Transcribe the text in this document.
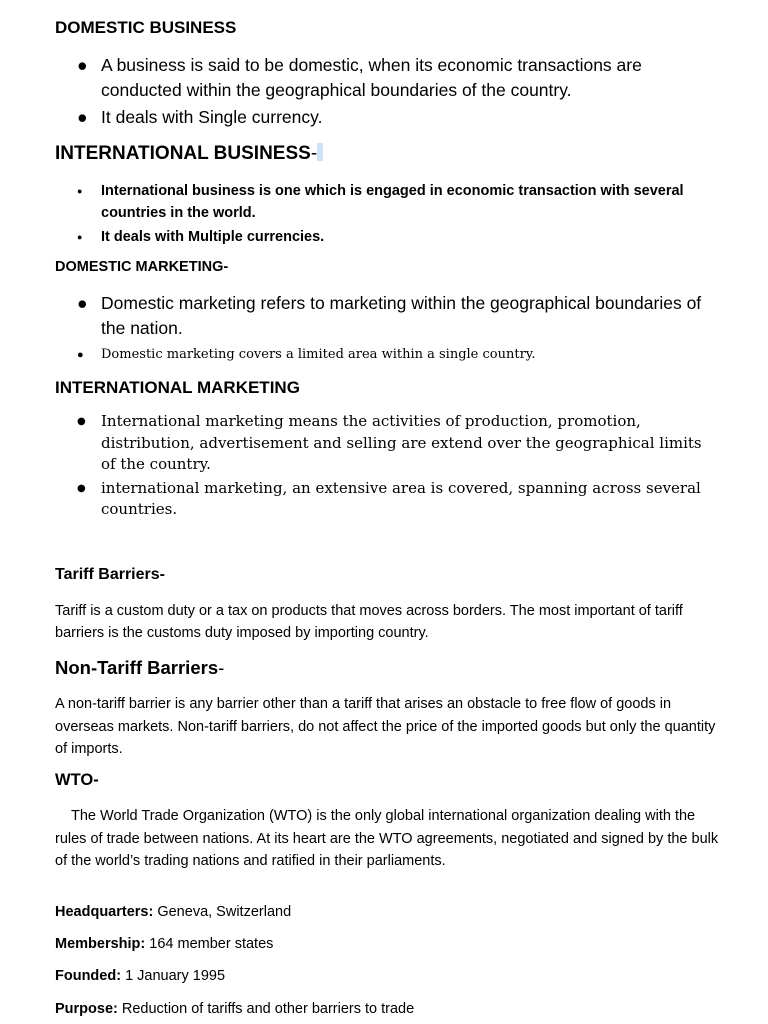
DOMESTIC BUSINESS
● A business is said to be domestic, when its economic transactions are conducted within the geographical boundaries of the country.
● It deals with Single currency.
INTERNATIONAL BUSINESS-
● International business is one which is engaged in economic transaction with several countries in the world.
● It deals with Multiple currencies.
DOMESTIC MARKETING-
● Domestic marketing refers to marketing within the geographical boundaries of the nation.
● Domestic marketing covers a limited area within a single country.
INTERNATIONAL MARKETING
● International marketing means the activities of production, promotion, distribution, advertisement and selling are extend over the geographical limits of the country.
● international marketing, an extensive area is covered, spanning across several countries.
Tariff Barriers-

Tariff is a custom duty or a tax on products that moves across borders. The most important of tariff barriers is the customs duty imposed by importing country.

Non-Tariff Barriers-

A non-tariff barrier is any barrier other than a tariff that arises an obstacle to free flow of goods in overseas markets. Non-tariff barriers, do not affect the price of the imported goods but only the quantity of imports.

WTO-

The World Trade Organization (WTO) is the only global international organization dealing with the rules of trade between nations. At its heart are the WTO agreements, negotiated and signed by the bulk of the world’s trading nations and ratified in their parliaments.

Headquarters: Geneva, Switzerland

Membership: 164 member states

Founded: 1 January 1995

Purpose: Reduction of tariffs and other barriers to trade
